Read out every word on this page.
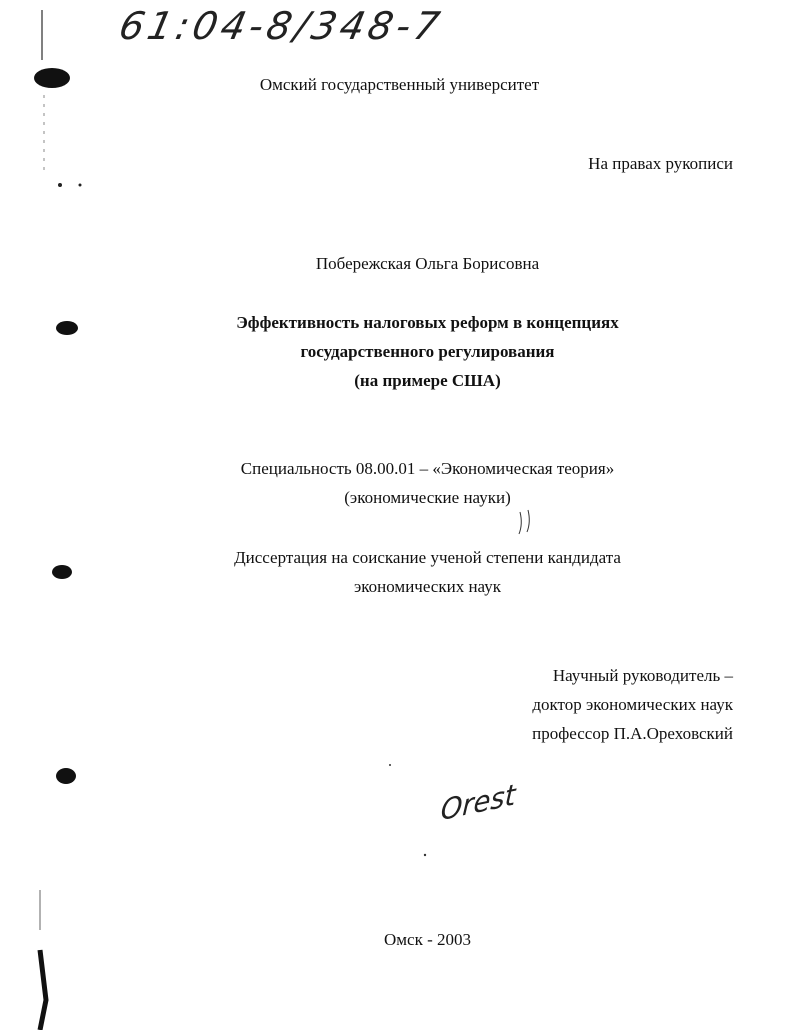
61:04-8/348-7
Омский государственный университет
На правах рукописи
Побережская Ольга Борисовна
Эффективность налоговых реформ в концепциях
государственного регулирования
(на примере США)
Специальность 08.00.01 – «Экономическая теория»
(экономические науки)
Диссертация на соискание ученой степени кандидата
экономических наук
Научный руководитель –
доктор экономических наук
профессор П.А.Ореховский
Orest
Омск - 2003
